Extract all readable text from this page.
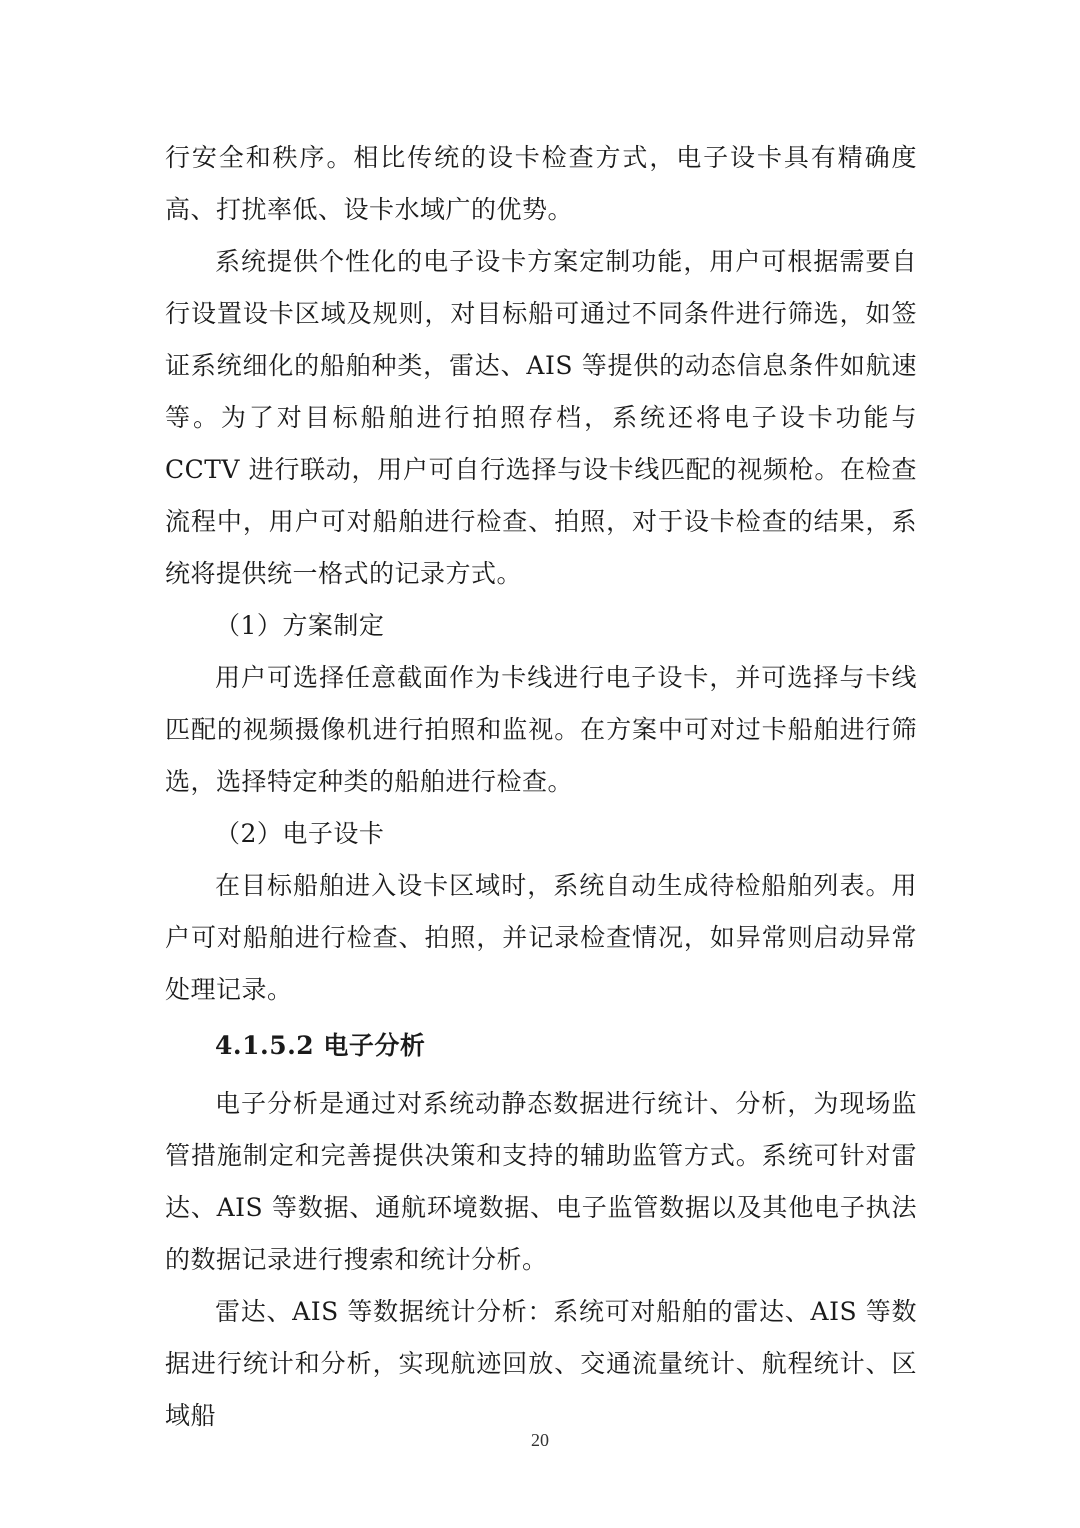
行安全和秩序。相比传统的设卡检查方式，电子设卡具有精确度高、打扰率低、设卡水域广的优势。
系统提供个性化的电子设卡方案定制功能，用户可根据需要自行设置设卡区域及规则，对目标船可通过不同条件进行筛选，如签证系统细化的船舶种类，雷达、AIS 等提供的动态信息条件如航速等。为了对目标船舶进行拍照存档，系统还将电子设卡功能与 CCTV 进行联动，用户可自行选择与设卡线匹配的视频枪。在检查流程中，用户可对船舶进行检查、拍照，对于设卡检查的结果，系统将提供统一格式的记录方式。
（1）方案制定
用户可选择任意截面作为卡线进行电子设卡，并可选择与卡线匹配的视频摄像机进行拍照和监视。在方案中可对过卡船舶进行筛选，选择特定种类的船舶进行检查。
（2）电子设卡
在目标船舶进入设卡区域时，系统自动生成待检船舶列表。用户可对船舶进行检查、拍照，并记录检查情况，如异常则启动异常处理记录。
4.1.5.2 电子分析
电子分析是通过对系统动静态数据进行统计、分析，为现场监管措施制定和完善提供决策和支持的辅助监管方式。系统可针对雷达、AIS 等数据、通航环境数据、电子监管数据以及其他电子执法的数据记录进行搜索和统计分析。
雷达、AIS 等数据统计分析：系统可对船舶的雷达、AIS 等数据进行统计和分析，实现航迹回放、交通流量统计、航程统计、区域船
20
